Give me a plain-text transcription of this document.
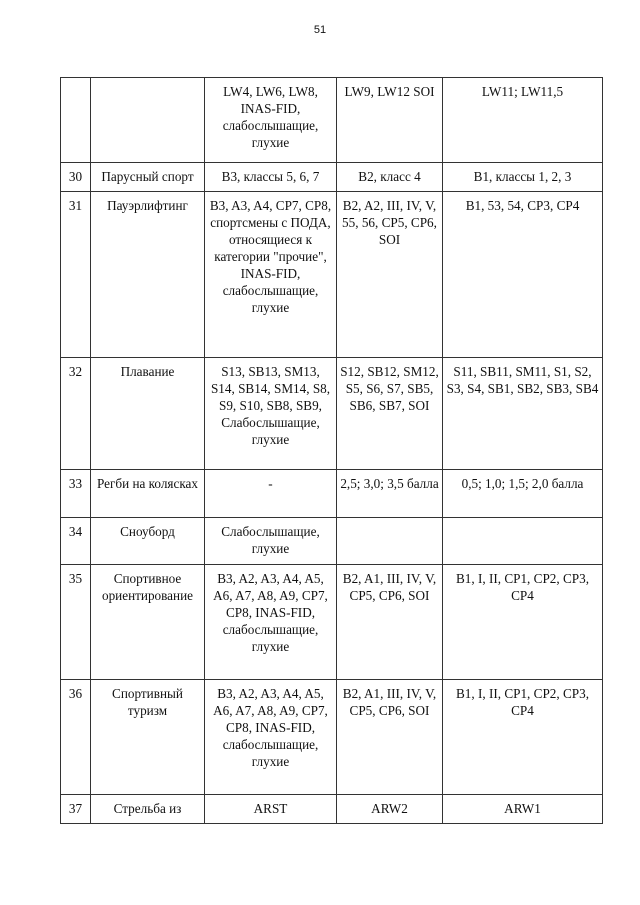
51
		LW4, LW6, LW8, INAS-FID, слабослышащие, глухие	LW9, LW12 SOI	LW11; LW11,5
30	Парусный спорт	B3, классы 5, 6, 7	B2, класс 4	B1, классы 1, 2, 3
31	Пауэрлифтинг	B3, A3, A4, CP7, CP8, спортсмены с ПОДА, относящиеся к категории "прочие", INAS-FID, слабослышащие, глухие	B2, A2, III, IV, V, 55, 56, CP5, CP6, SOI	B1, 53, 54, CP3, CP4
32	Плавание	S13, SB13, SM13, S14, SB14, SM14, S8, S9, S10, SB8, SB9, Слабослышащие, глухие	S12, SB12, SM12, S5, S6, S7, SB5, SB6, SB7, SOI	S11, SB11, SM11, S1, S2, S3, S4, SB1, SB2, SB3, SB4
33	Регби на колясках	-	2,5; 3,0; 3,5 балла	0,5; 1,0; 1,5; 2,0 балла
34	Сноуборд	Слабослышащие, глухие		
35	Спортивное ориентирование	B3, A2, A3, A4, A5, A6, A7, A8, A9, CP7, CP8, INAS-FID, слабослышащие, глухие	B2, A1, III, IV, V, CP5, CP6, SOI	B1, I, II, CP1, CP2, CP3, CP4
36	Спортивный туризм	B3, A2, A3, A4, A5, A6, A7, A8, A9, CP7, CP8, INAS-FID, слабослышащие, глухие	B2, A1, III, IV, V, CP5, CP6, SOI	B1, I, II, CP1, CP2, CP3, CP4
37	Стрельба из	ARST	ARW2	ARW1
